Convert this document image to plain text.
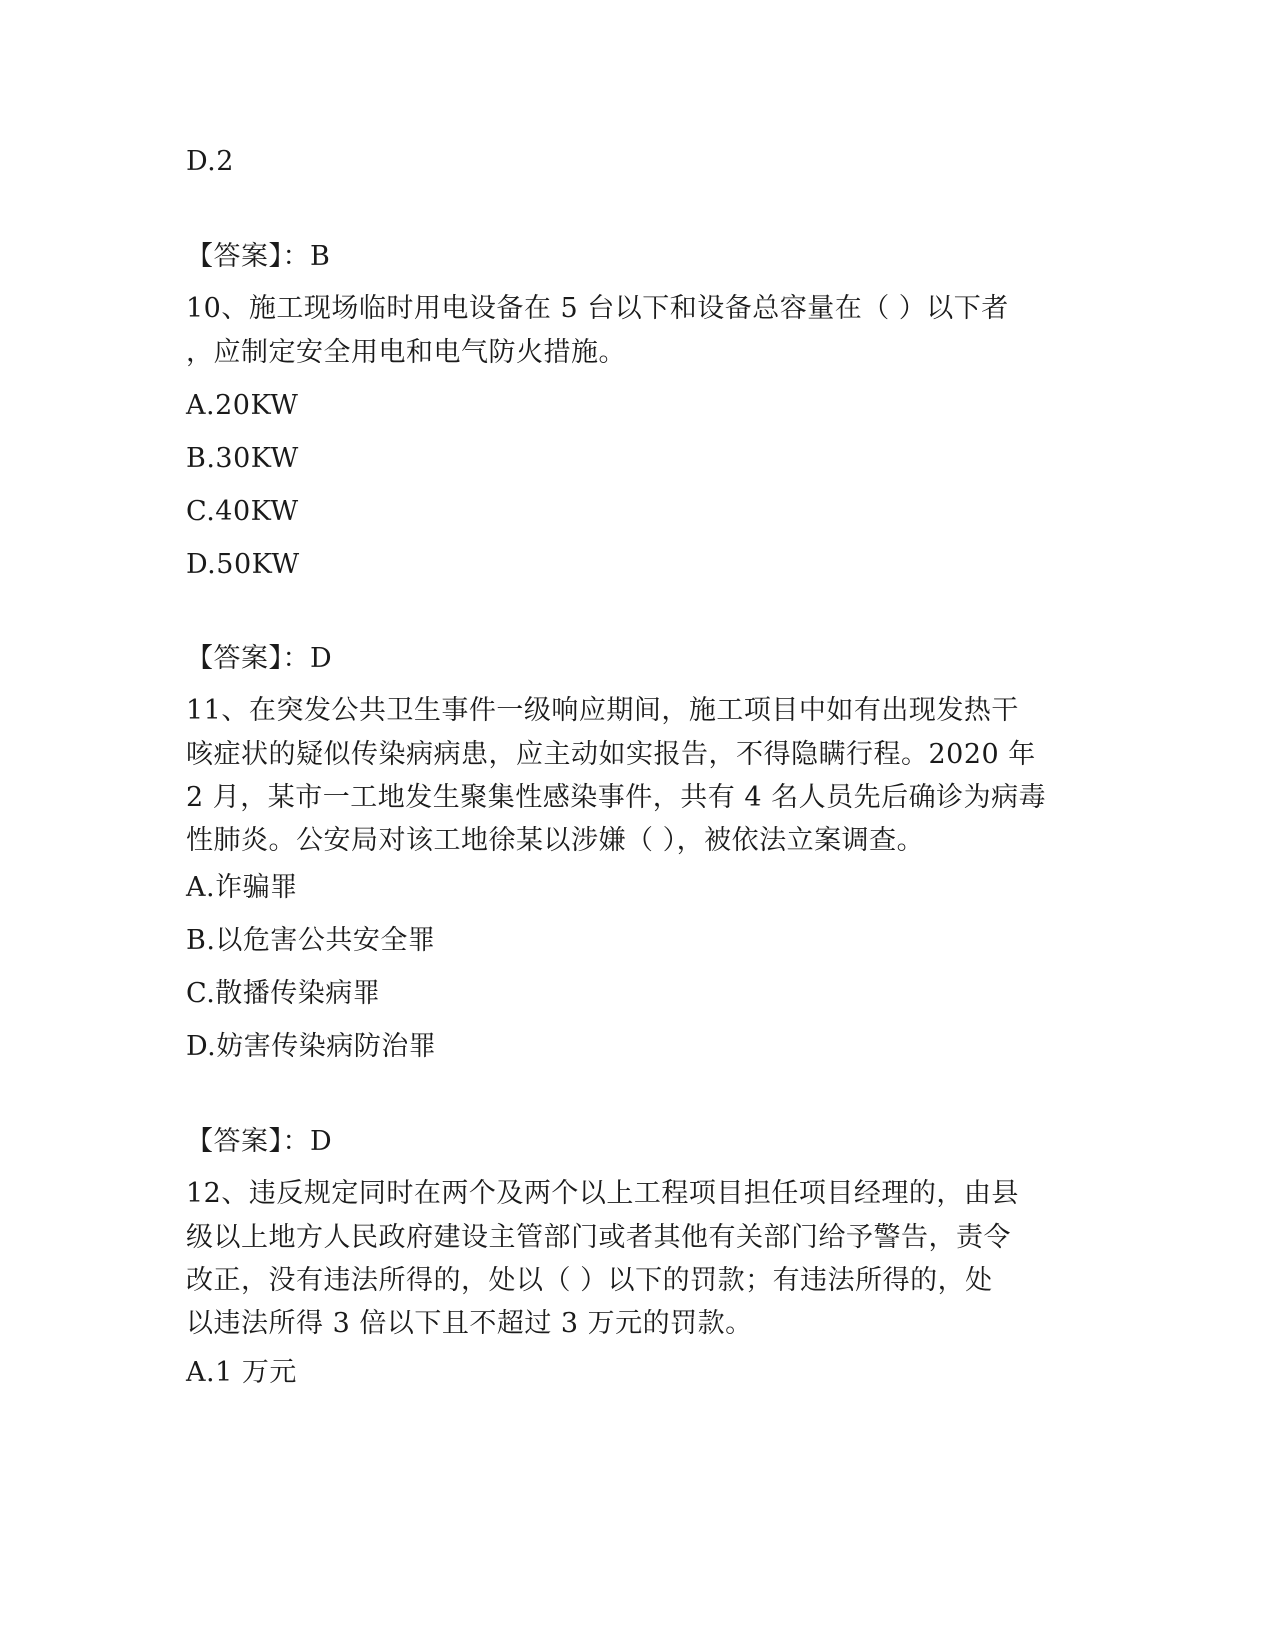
D.2
【答案】：B
10、施工现场临时用电设备在 5 台以下和设备总容量在（ ）以下者
，应制定安全用电和电气防火措施。
A.20KW
B.30KW
C.40KW
D.50KW
【答案】：D
11、在突发公共卫生事件一级响应期间，施工项目中如有出现发热干
咳症状的疑似传染病病患，应主动如实报告，不得隐瞒行程。2020 年
2 月，某市一工地发生聚集性感染事件，共有 4 名人员先后确诊为病毒
性肺炎。公安局对该工地徐某以涉嫌（ ），被依法立案调查。
A.诈骗罪
B.以危害公共安全罪
C.散播传染病罪
D.妨害传染病防治罪
【答案】：D
12、违反规定同时在两个及两个以上工程项目担任项目经理的，由县
级以上地方人民政府建设主管部门或者其他有关部门给予警告，责令
改正，没有违法所得的，处以（ ）以下的罚款；有违法所得的，处
以违法所得 3 倍以下且不超过 3 万元的罚款。
A.1 万元
